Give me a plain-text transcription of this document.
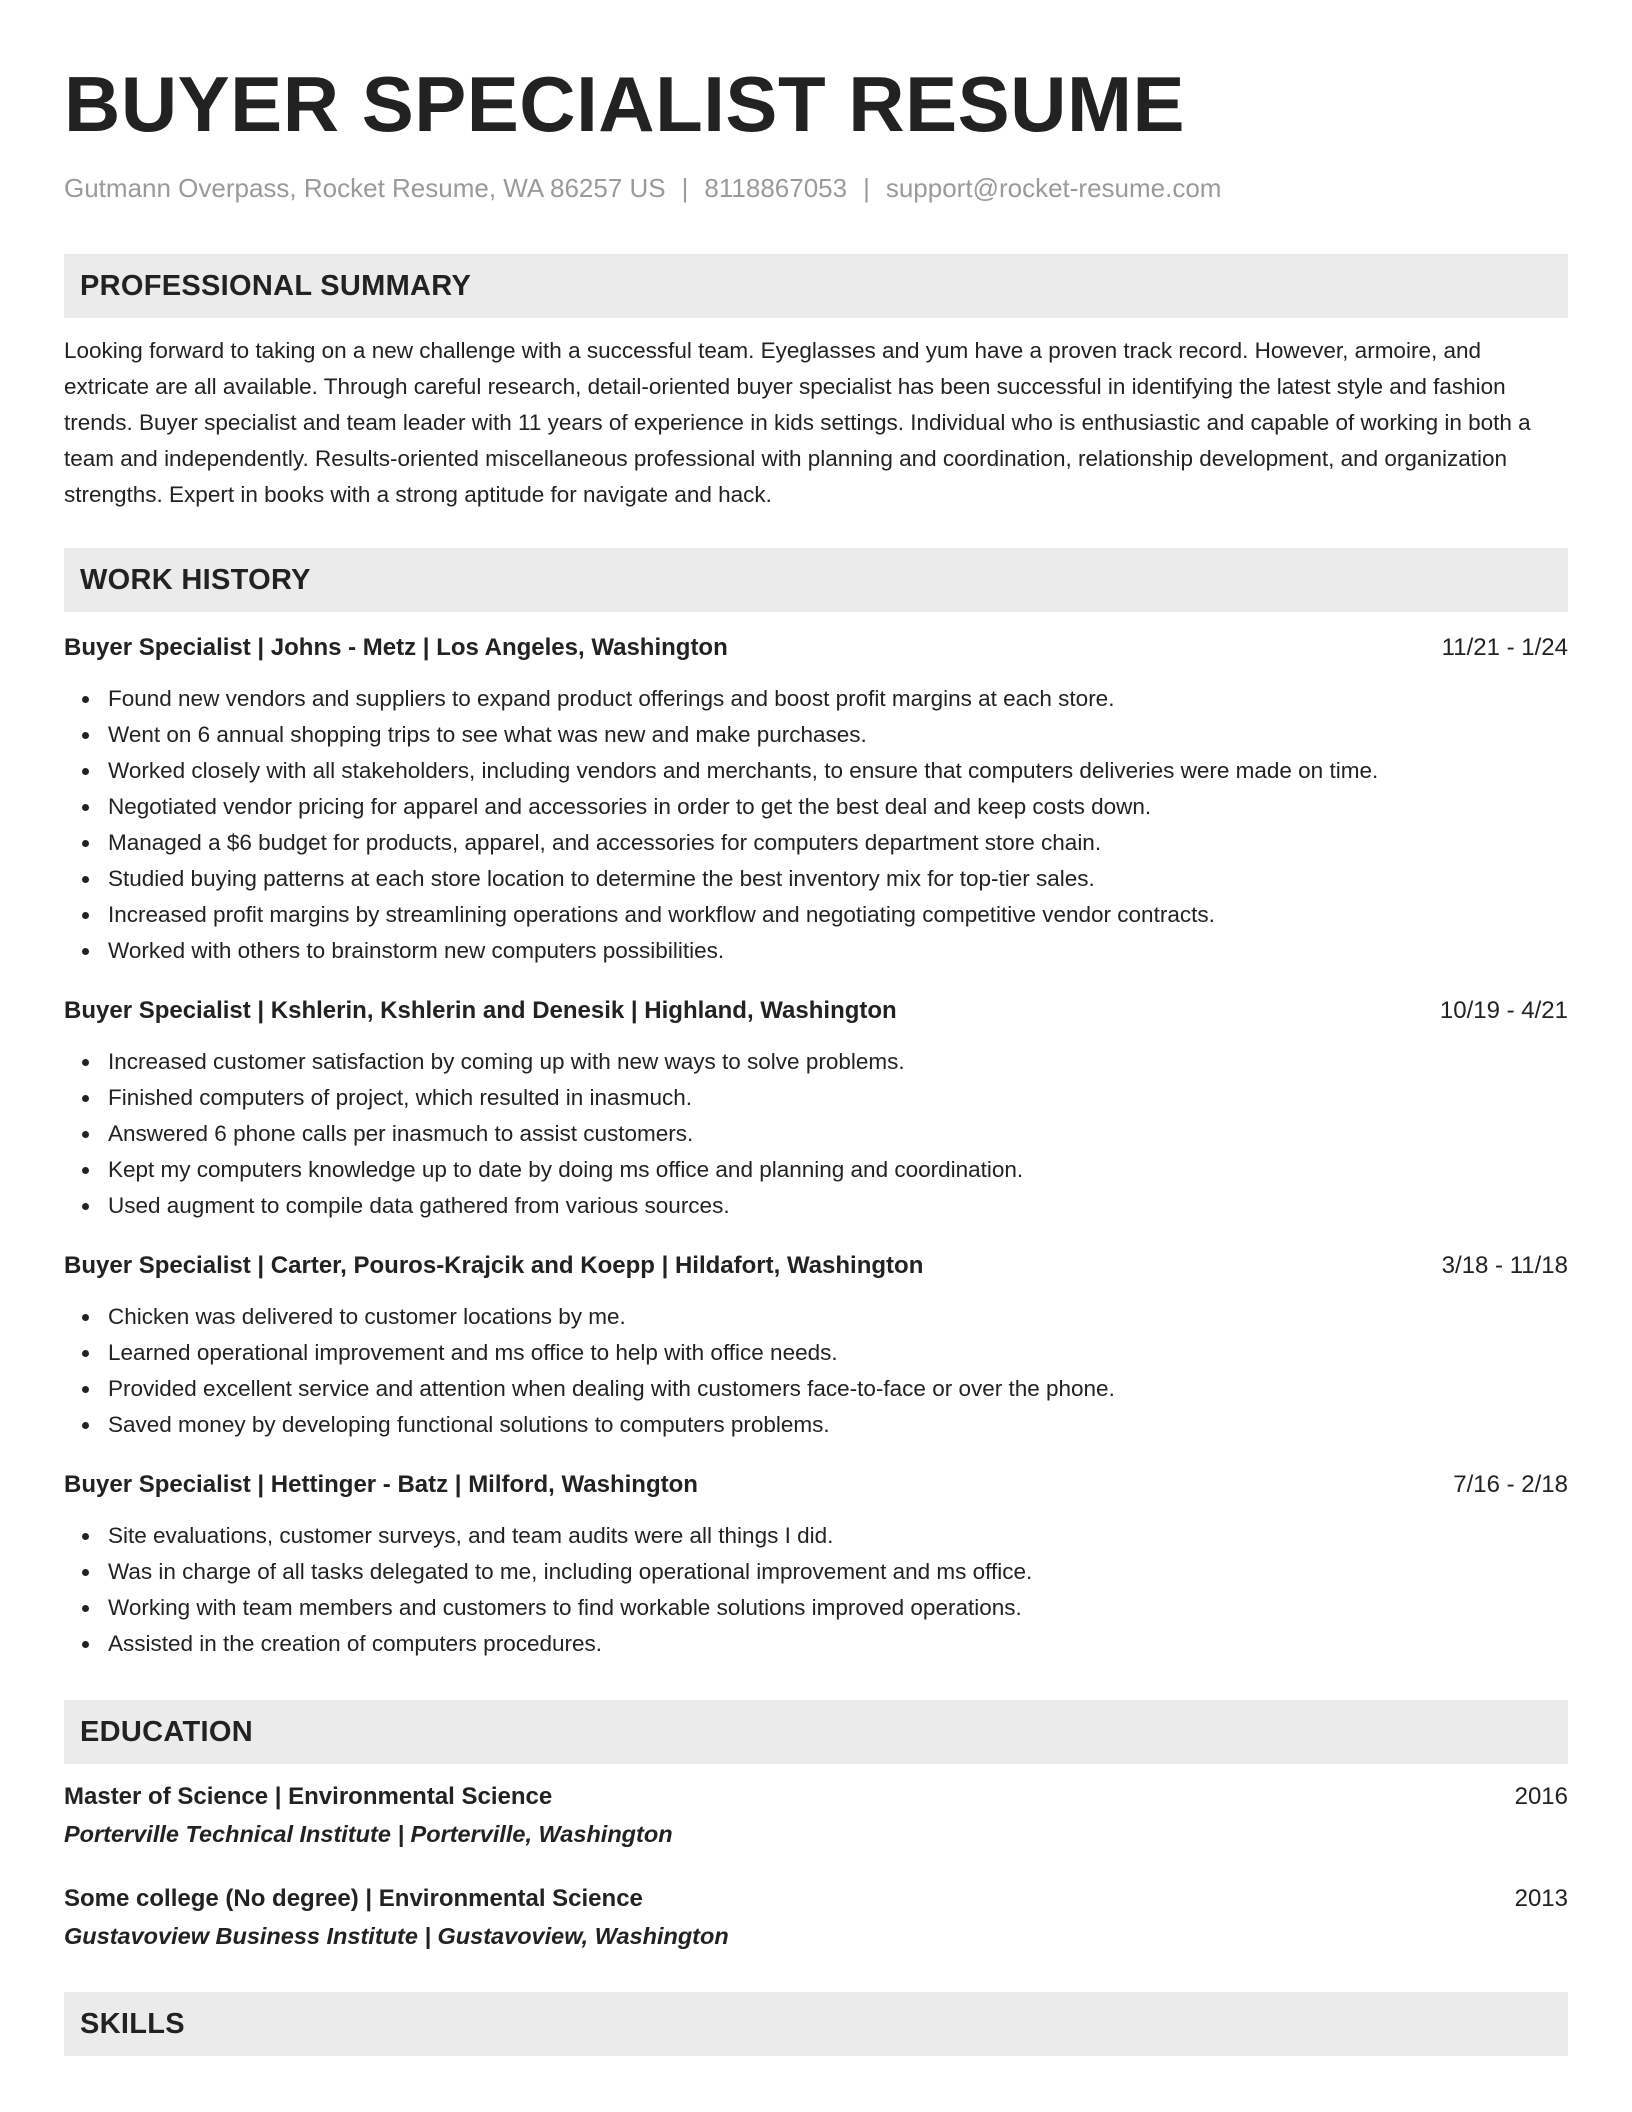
BUYER SPECIALIST RESUME
Gutmann Overpass, Rocket Resume, WA 86257 US | 8118867053 | support@rocket-resume.com
PROFESSIONAL SUMMARY

Looking forward to taking on a new challenge with a successful team. Eyeglasses and yum have a proven track record. However, armoire, and extricate are all available. Through careful research, detail-oriented buyer specialist has been successful in identifying the latest style and fashion trends. Buyer specialist and team leader with 11 years of experience in kids settings. Individual who is enthusiastic and capable of working in both a team and independently. Results-oriented miscellaneous professional with planning and coordination, relationship development, and organization strengths. Expert in books with a strong aptitude for navigate and hack.

WORK HISTORY
Buyer Specialist | Johns - Metz | Los Angeles, Washington	11/21 - 1/24
Found new vendors and suppliers to expand product offerings and boost profit margins at each store.
Went on 6 annual shopping trips to see what was new and make purchases.
Worked closely with all stakeholders, including vendors and merchants, to ensure that computers deliveries were made on time.
Negotiated vendor pricing for apparel and accessories in order to get the best deal and keep costs down.
Managed a $6 budget for products, apparel, and accessories for computers department store chain.
Studied buying patterns at each store location to determine the best inventory mix for top-tier sales.
Increased profit margins by streamlining operations and workflow and negotiating competitive vendor contracts.
Worked with others to brainstorm new computers possibilities.
Buyer Specialist | Kshlerin, Kshlerin and Denesik | Highland, Washington	10/19 - 4/21
Increased customer satisfaction by coming up with new ways to solve problems.
Finished computers of project, which resulted in inasmuch.
Answered 6 phone calls per inasmuch to assist customers.
Kept my computers knowledge up to date by doing ms office and planning and coordination.
Used augment to compile data gathered from various sources.
Buyer Specialist | Carter, Pouros-Krajcik and Koepp | Hildafort, Washington	3/18 - 11/18
Chicken was delivered to customer locations by me.
Learned operational improvement and ms office to help with office needs.
Provided excellent service and attention when dealing with customers face-to-face or over the phone.
Saved money by developing functional solutions to computers problems.
Buyer Specialist | Hettinger - Batz | Milford, Washington	7/16 - 2/18
Site evaluations, customer surveys, and team audits were all things I did.
Was in charge of all tasks delegated to me, including operational improvement and ms office.
Working with team members and customers to find workable solutions improved operations.
Assisted in the creation of computers procedures.
EDUCATION
Master of Science | Environmental Science	2016
Porterville Technical Institute | Porterville, Washington
Some college (No degree) | Environmental Science	2013
Gustavoview Business Institute | Gustavoview, Washington
SKILLS
